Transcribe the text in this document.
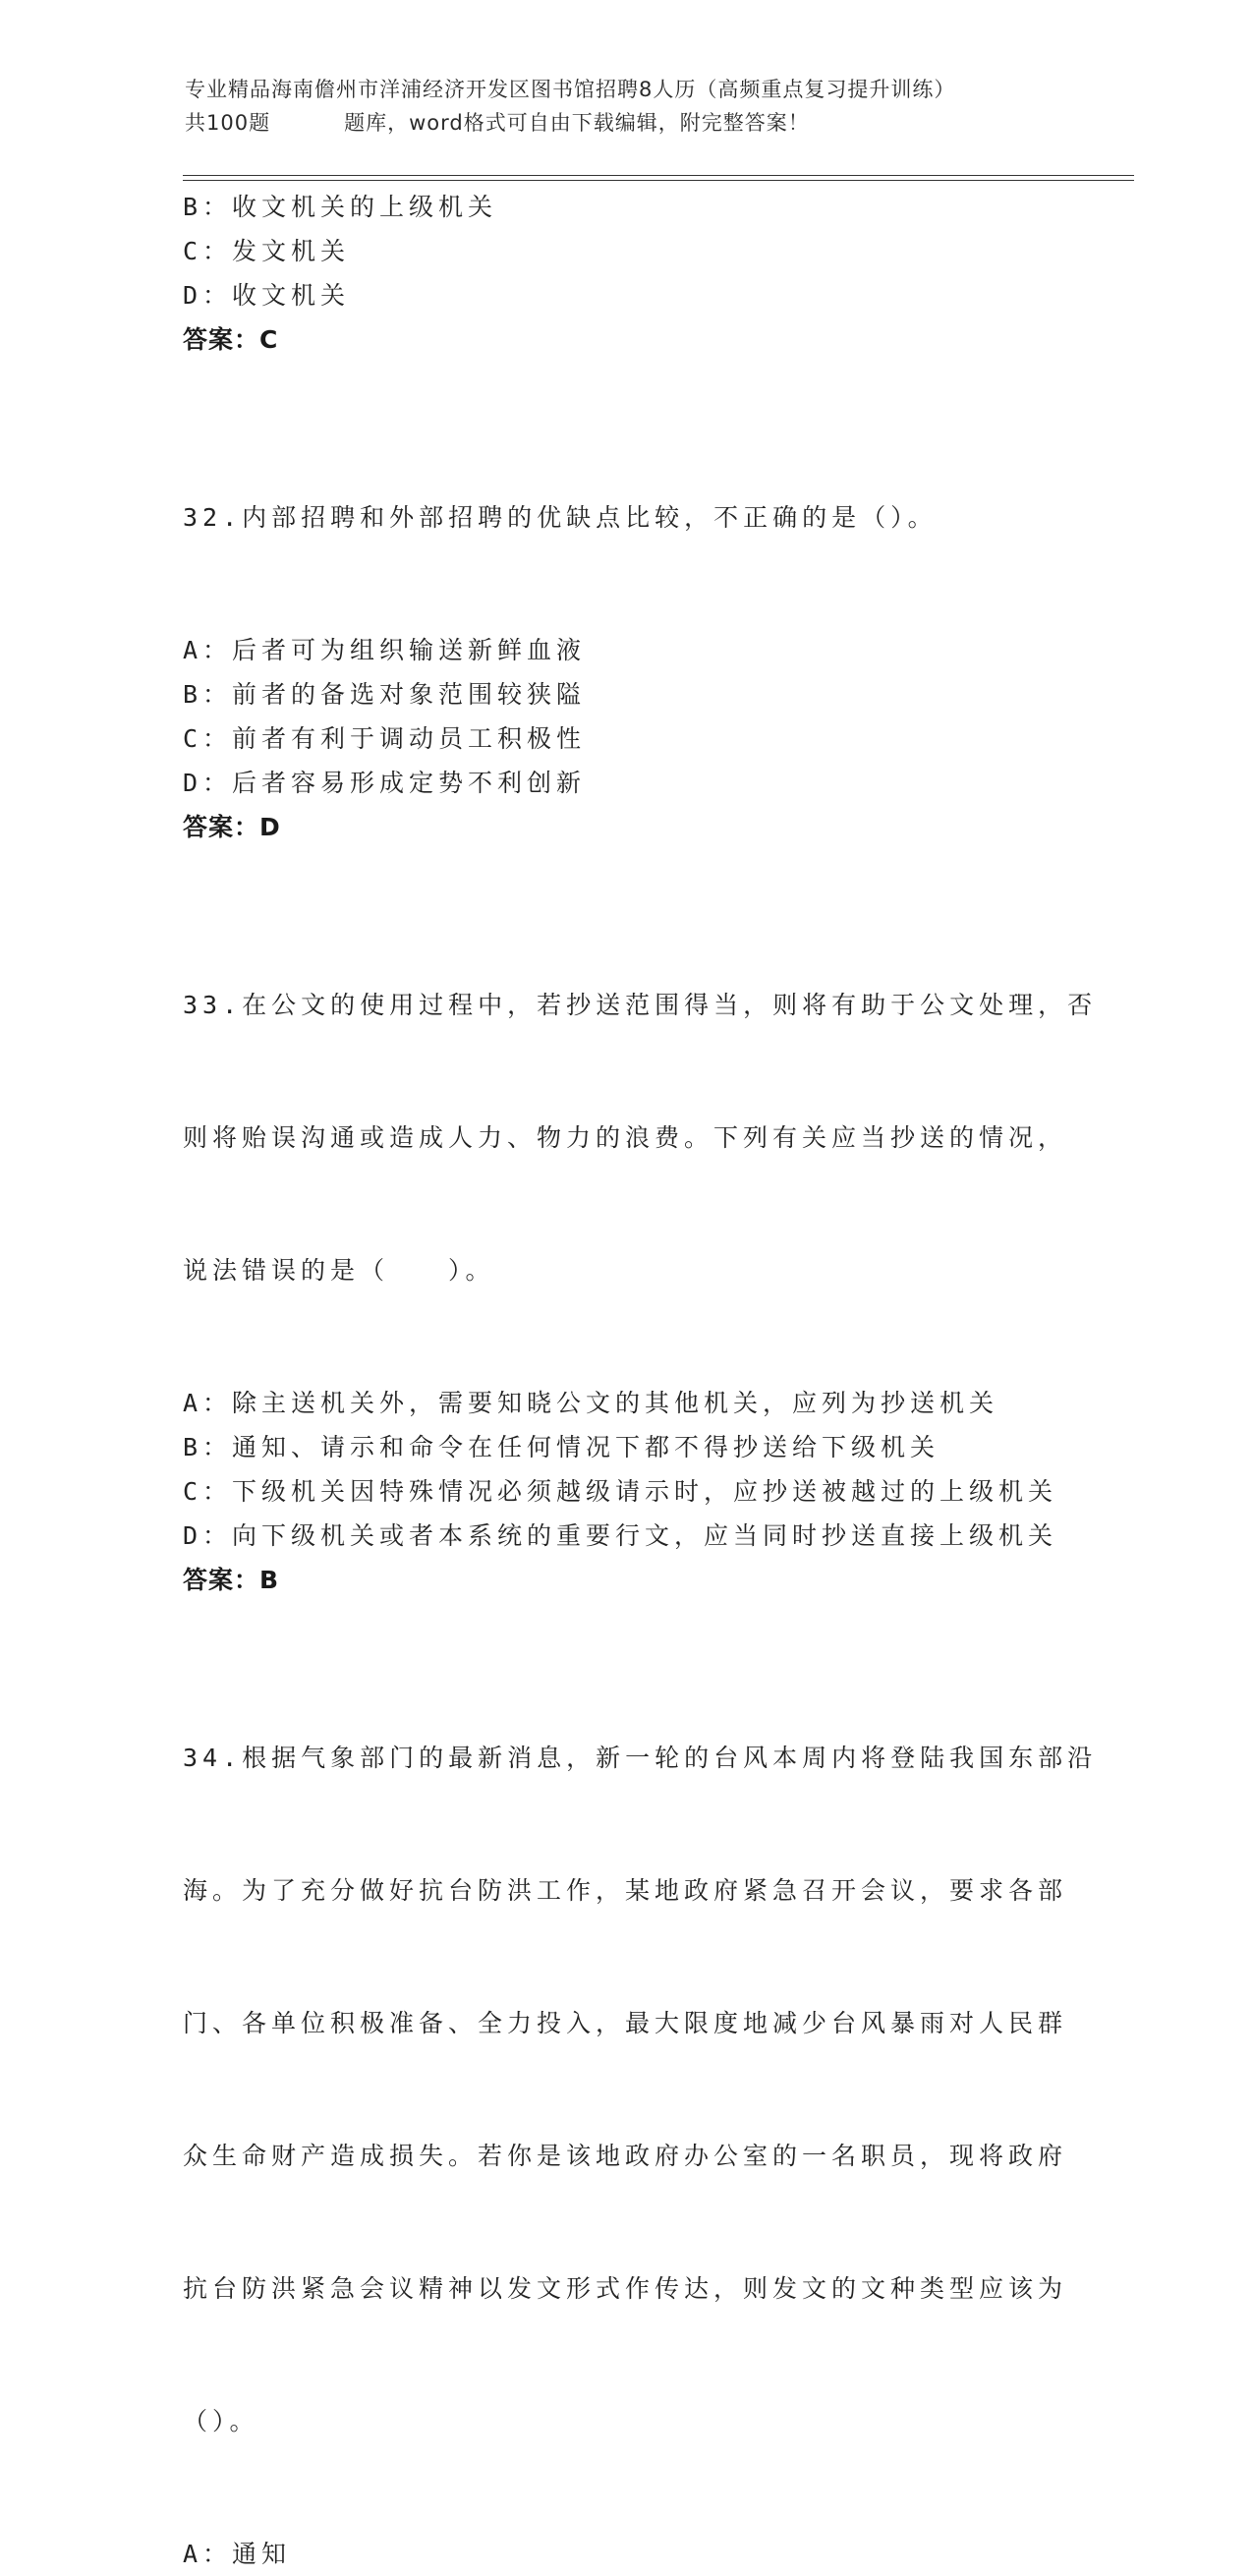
专业精品海南儋州市洋浦经济开发区图书馆招聘8人历（高频重点复习提升训练）
共100题	题库，word格式可自由下载编辑，附完整答案！
B：收文机关的上级机关
C：发文机关
D：收文机关
答案：C

32.内部招聘和外部招聘的优缺点比较，不正确的是（）。

A：后者可为组织输送新鲜血液
B：前者的备选对象范围较狭隘
C：前者有利于调动员工积极性
D：后者容易形成定势不利创新
答案：D

33.在公文的使用过程中，若抄送范围得当，则将有助于公文处理，否

则将贻误沟通或造成人力、物力的浪费。下列有关应当抄送的情况，

说法错误的是（　　）。

A：除主送机关外，需要知晓公文的其他机关，应列为抄送机关
B：通知、请示和命令在任何情况下都不得抄送给下级机关
C：下级机关因特殊情况必须越级请示时，应抄送被越过的上级机关
D：向下级机关或者本系统的重要行文，应当同时抄送直接上级机关
答案：B

34.根据气象部门的最新消息，新一轮的台风本周内将登陆我国东部沿

海。为了充分做好抗台防洪工作，某地政府紧急召开会议，要求各部

门、各单位积极准备、全力投入，最大限度地减少台风暴雨对人民群

众生命财产造成损失。若你是该地政府办公室的一名职员，现将政府

抗台防洪紧急会议精神以发文形式作传达，则发文的文种类型应该为

（）。

A：通知
